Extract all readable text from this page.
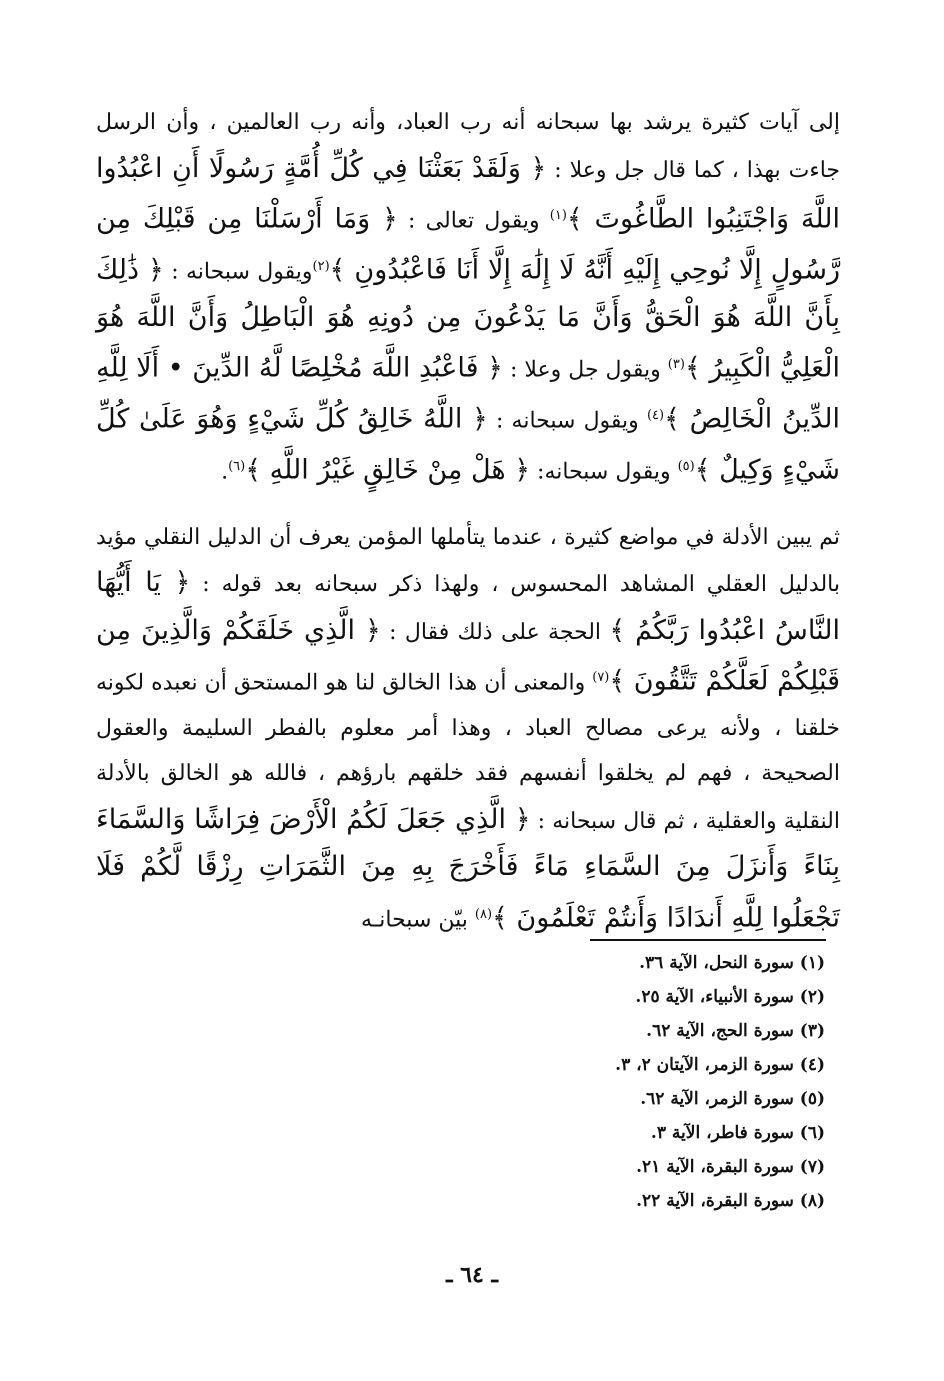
إلى آيات كثيرة يرشد بها سبحانه أنه رب العباد، وأنه رب العالمين ، وأن الرسل جاءت بهذا ، كما قال جل وعلا : ﴿ وَلَقَدْ بَعَثْنَا فِي كُلِّ أُمَّةٍ رَسُولًا أَنِ اعْبُدُوا اللَّهَ وَاجْتَنِبُوا الطَّاغُوتَ ﴾$^{(١)}$ ويقول تعالى : ﴿ وَمَا أَرْسَلْنَا مِن قَبْلِكَ مِن رَّسُولٍ إِلَّا نُوحِي إِلَيْهِ أَنَّهُ لَا إِلَٰهَ إِلَّا أَنَا فَاعْبُدُونِ ﴾$^{(٢)}$ويقول سبحانه : ﴿ ذَٰلِكَ بِأَنَّ اللَّهَ هُوَ الْحَقُّ وَأَنَّ مَا يَدْعُونَ مِن دُونِهِ هُوَ الْبَاطِلُ وَأَنَّ اللَّهَ هُوَ الْعَلِيُّ الْكَبِيرُ ﴾$^{(٣)}$ ويقول جل وعلا : ﴿ فَاعْبُدِ اللَّهَ مُخْلِصًا لَّهُ الدِّينَ • أَلَا لِلَّهِ الدِّينُ الْخَالِصُ ﴾$^{(٤)}$ ويقول سبحانه : ﴿ اللَّهُ خَالِقُ كُلِّ شَيْءٍ وَهُوَ عَلَىٰ كُلِّ شَيْءٍ وَكِيلٌ ﴾$^{(٥)}$ ويقول سبحانه: ﴿ هَلْ مِنْ خَالِقٍ غَيْرُ اللَّهِ ﴾$^{(٦)}$.

ثم يبين الأدلة في مواضع كثيرة ، عندما يتأملها المؤمن يعرف أن الدليل النقلي مؤيد بالدليل العقلي المشاهد المحسوس ، ولهذا ذكر سبحانه بعد قوله : ﴿ يَا أَيُّهَا النَّاسُ اعْبُدُوا رَبَّكُمُ ﴾ الحجة على ذلك فقال : ﴿ الَّذِي خَلَقَكُمْ وَالَّذِينَ مِن قَبْلِكُمْ لَعَلَّكُمْ تَتَّقُونَ ﴾$^{(٧)}$ والمعنى أن هذا الخالق لنا هو المستحق أن نعبده لكونه خلقنا ، ولأنه يرعى مصالح العباد ، وهذا أمر معلوم بالفطر السليمة والعقول الصحيحة ، فهم لم يخلقوا أنفسهم فقد خلقهم بارؤهم ، فالله هو الخالق بالأدلة النقلية والعقلية ، ثم قال سبحانه : ﴿ الَّذِي جَعَلَ لَكُمُ الْأَرْضَ فِرَاشًا وَالسَّمَاءَ بِنَاءً وَأَنزَلَ مِنَ السَّمَاءِ مَاءً فَأَخْرَجَ بِهِ مِنَ الثَّمَرَاتِ رِزْقًا لَّكُمْ فَلَا تَجْعَلُوا لِلَّهِ أَندَادًا وَأَنتُمْ تَعْلَمُونَ ﴾$^{(٨)}$ بيّن سبحانـه

(١) سورة النحل، الآية ٣٦.
(٢) سورة الأنبياء، الآية ٢٥.
(٣) سورة الحج، الآية ٦٢.
(٤) سورة الزمر، الآيتان ٢، ٣.
(٥) سورة الزمر، الآية ٦٢.
(٦) سورة فاطر، الآية ٣.
(٧) سورة البقرة، الآية ٢١.
(٨) سورة البقرة، الآية ٢٢.
ـ ٦٤ ـ
